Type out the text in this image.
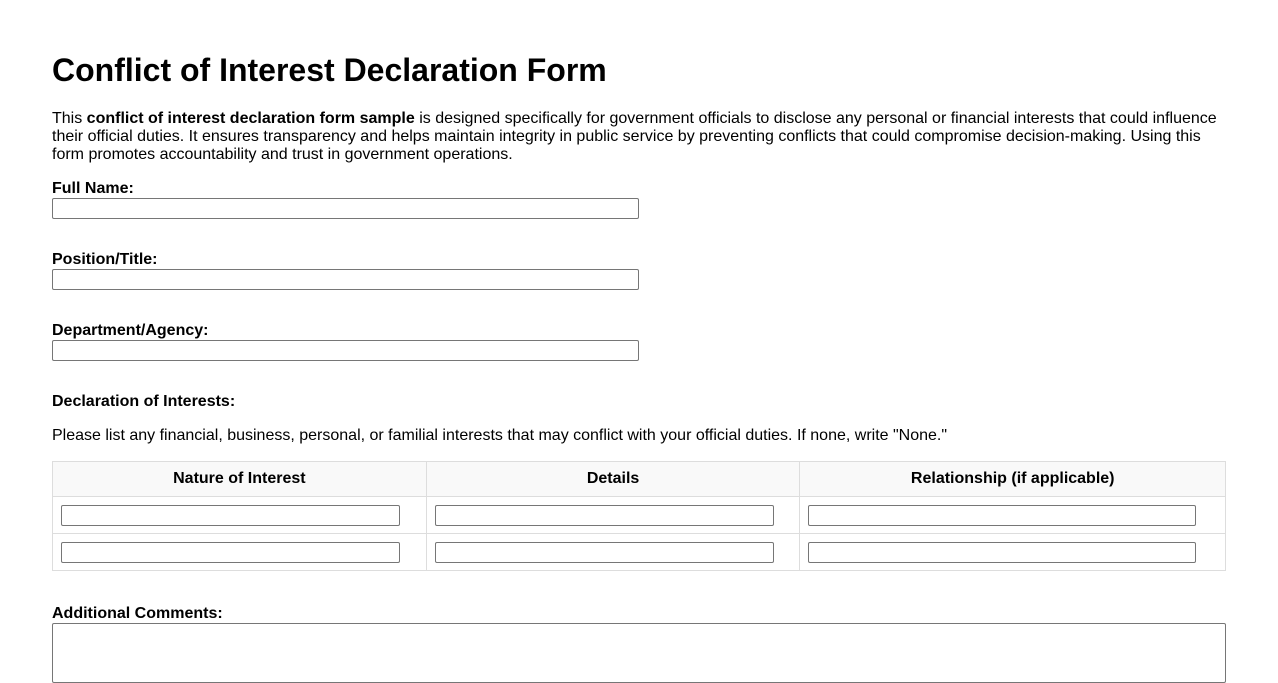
Conflict of Interest Declaration Form

This conflict of interest declaration form sample is designed specifically for government officials to disclose any personal or financial interests that could influence their official duties. It ensures transparency and helps maintain integrity in public service by preventing conflicts that could compromise decision-making. Using this form promotes accountability and trust in government operations.

Full Name:
Position/Title:
Department/Agency:
Declaration of Interests:

Please list any financial, business, personal, or familial interests that may conflict with your official duties. If none, write "None."

Nature of Interest	Details	Relationship (if applicable)

Additional Comments:
